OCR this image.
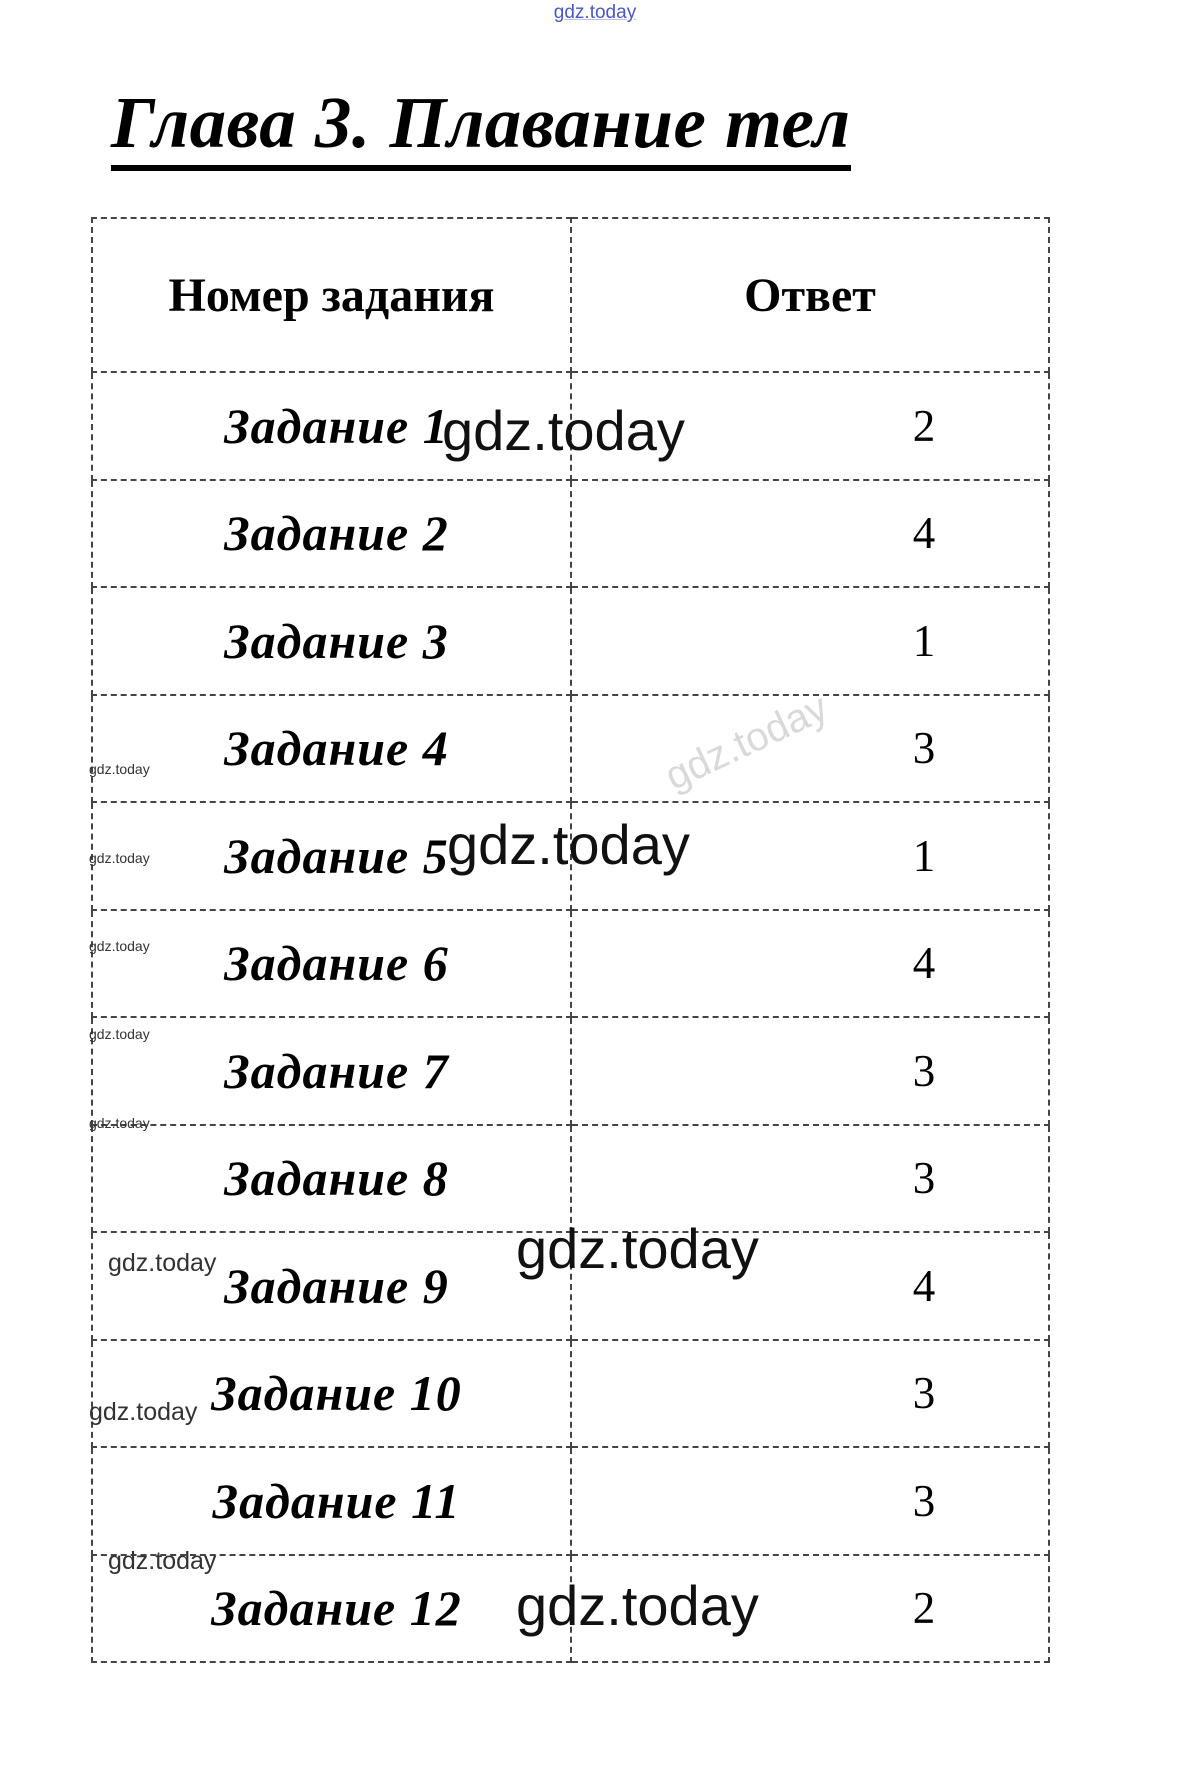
gdz.today
Глава 3. Плавание тел
Номер задания	Ответ
Задание 1	2
Задание 2	4
Задание 3	1
Задание 4	3
Задание 5	1
Задание 6	4
Задание 7	3
Задание 8	3
Задание 9	4
Задание 10	3
Задание 11	3
Задание 12	2
gdz.today
gdz.today
gdz.today
gdz.today
gdz.today
gdz.today
gdz.today
gdz.today
gdz.today
gdz.today
gdz.today
gdz.today
gdz.today
